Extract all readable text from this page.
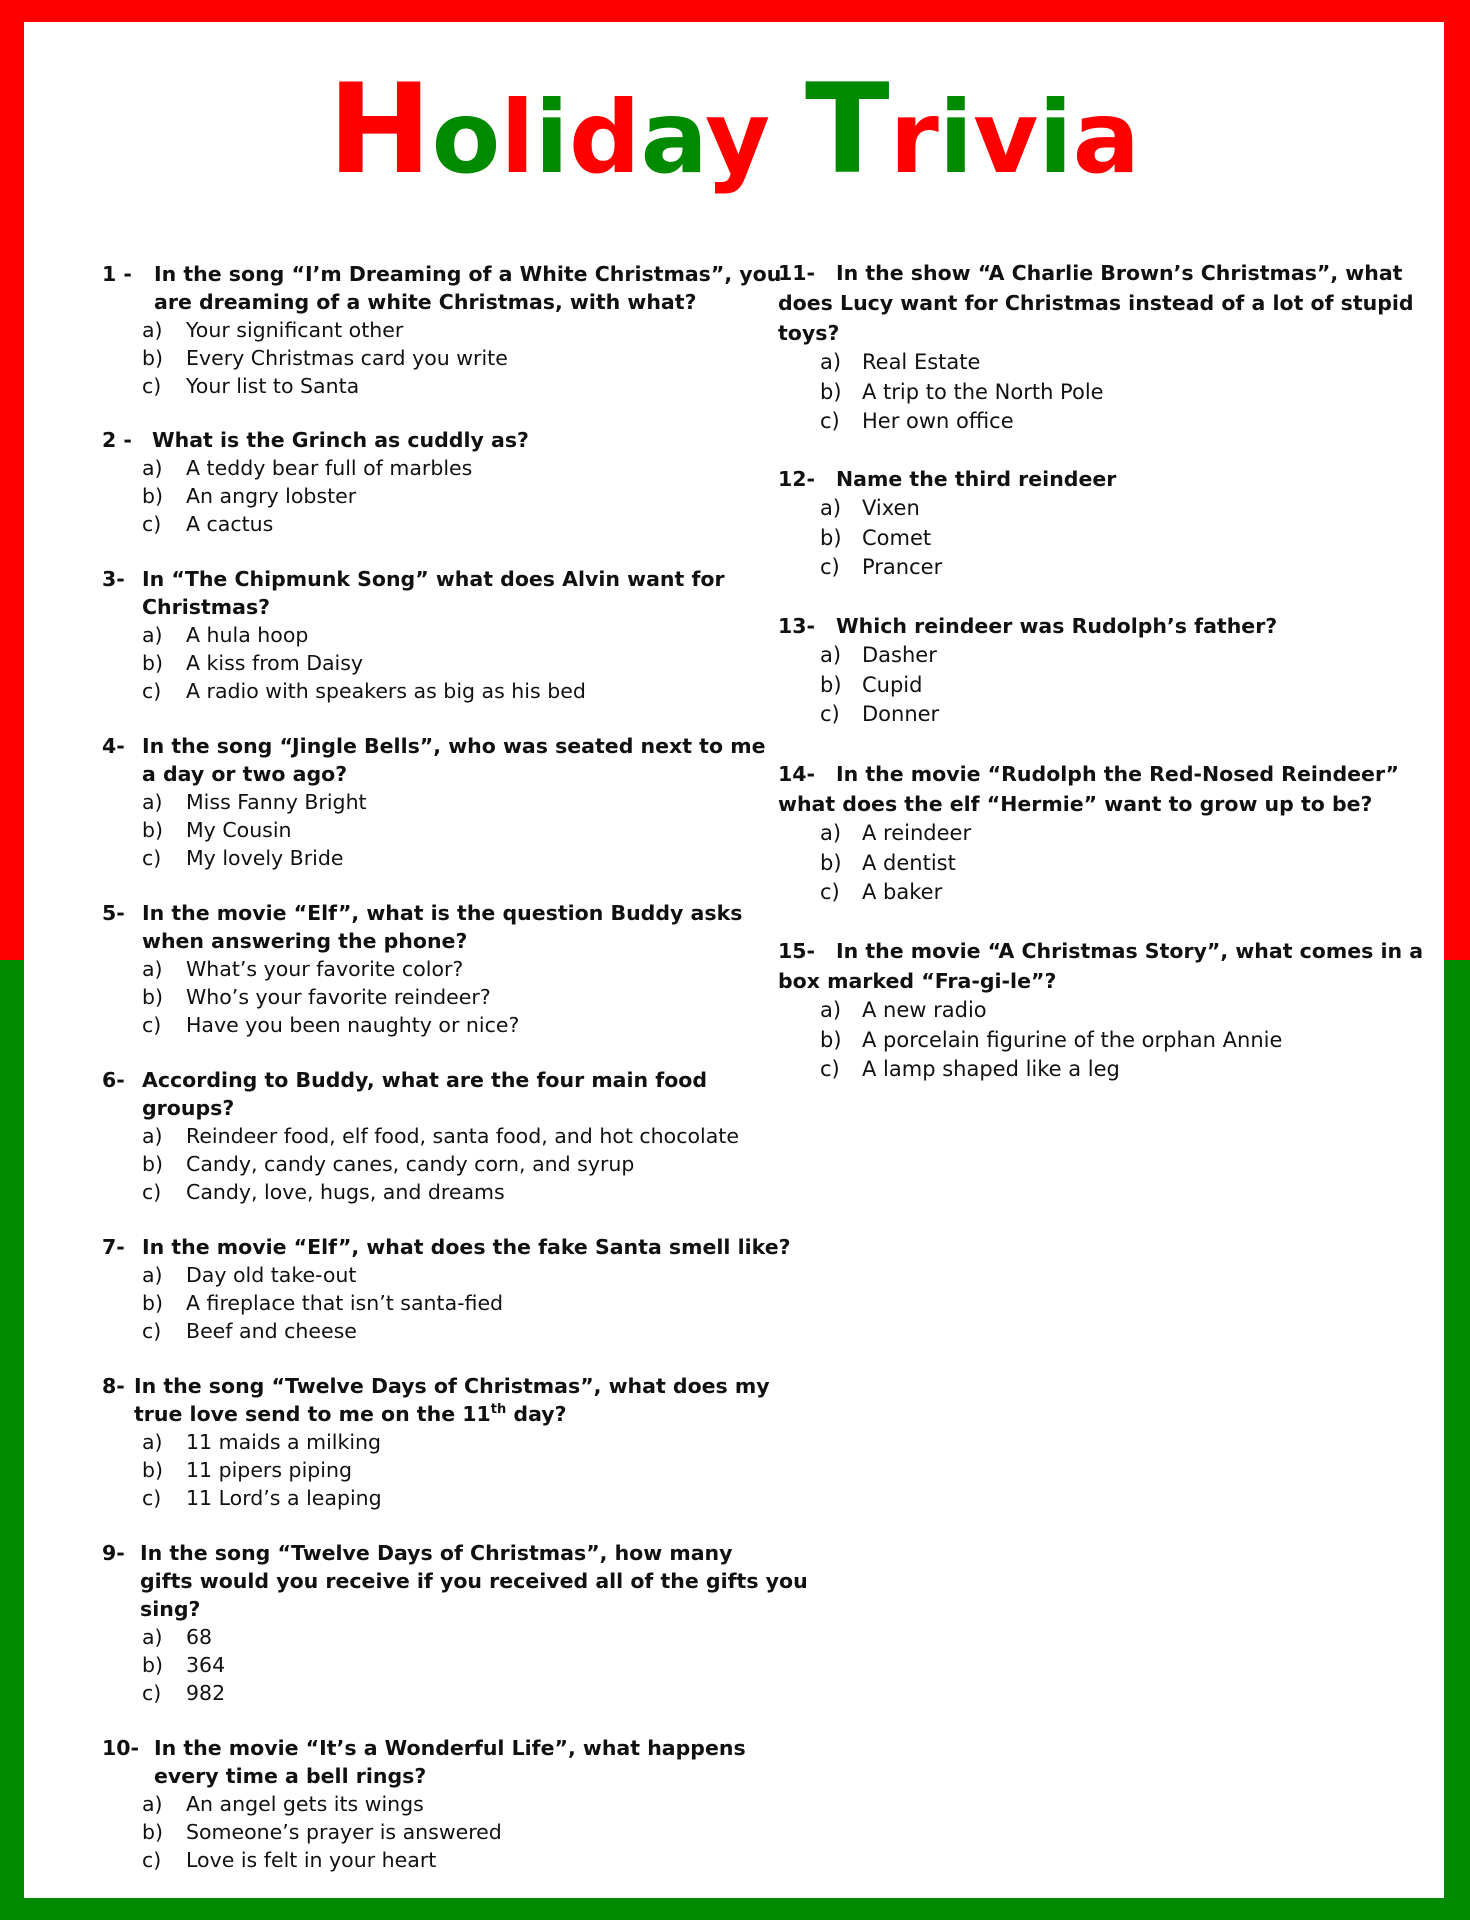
Holiday Trivia
1 - In the song “I’m Dreaming of a White Christmas”, you
are dreaming of a white Christmas, with what?
a) Your significant other
b) Every Christmas card you write
c) Your list to Santa
2 - What is the Grinch as cuddly as?
a) A teddy bear full of marbles
b) An angry lobster
c) A cactus
3- In “The Chipmunk Song” what does Alvin want for
Christmas?
a) A hula hoop
b) A kiss from Daisy
c) A radio with speakers as big as his bed
4- In the song “Jingle Bells”, who was seated next to me
a day or two ago?
a) Miss Fanny Bright
b) My Cousin
c) My lovely Bride
5- In the movie “Elf”, what is the question Buddy asks
when answering the phone?
a) What’s your favorite color?
b) Who’s your favorite reindeer?
c) Have you been naughty or nice?
6- According to Buddy, what are the four main food
groups?
a) Reindeer food, elf food, santa food, and hot chocolate
b) Candy, candy canes, candy corn, and syrup
c) Candy, love, hugs, and dreams
7- In the movie “Elf”, what does the fake Santa smell like?
a) Day old take-out
b) A fireplace that isn’t santa-fied
c) Beef and cheese
8- In the song “Twelve Days of Christmas”, what does my
true love send to me on the 11th day?
a) 11 maids a milking
b) 11 pipers piping
c) 11 Lord’s a leaping
9- In the song “Twelve Days of Christmas”, how many
gifts would you receive if you received all of the gifts you
sing?
a) 68
b) 364
c) 982
10- In the movie “It’s a Wonderful Life”, what happens
every time a bell rings?
a) An angel gets its wings
b) Someone’s prayer is answered
c) Love is felt in your heart
11- In the show “A Charlie Brown’s Christmas”, what
does Lucy want for Christmas instead of a lot of stupid
toys?
a) Real Estate
b) A trip to the North Pole
c) Her own office
12- Name the third reindeer
a) Vixen
b) Comet
c) Prancer
13- Which reindeer was Rudolph’s father?
a) Dasher
b) Cupid
c) Donner
14- In the movie “Rudolph the Red-Nosed Reindeer”
what does the elf “Hermie” want to grow up to be?
a) A reindeer
b) A dentist
c) A baker
15- In the movie “A Christmas Story”, what comes in a
box marked “Fra-gi-le”?
a) A new radio
b) A porcelain figurine of the orphan Annie
c) A lamp shaped like a leg
